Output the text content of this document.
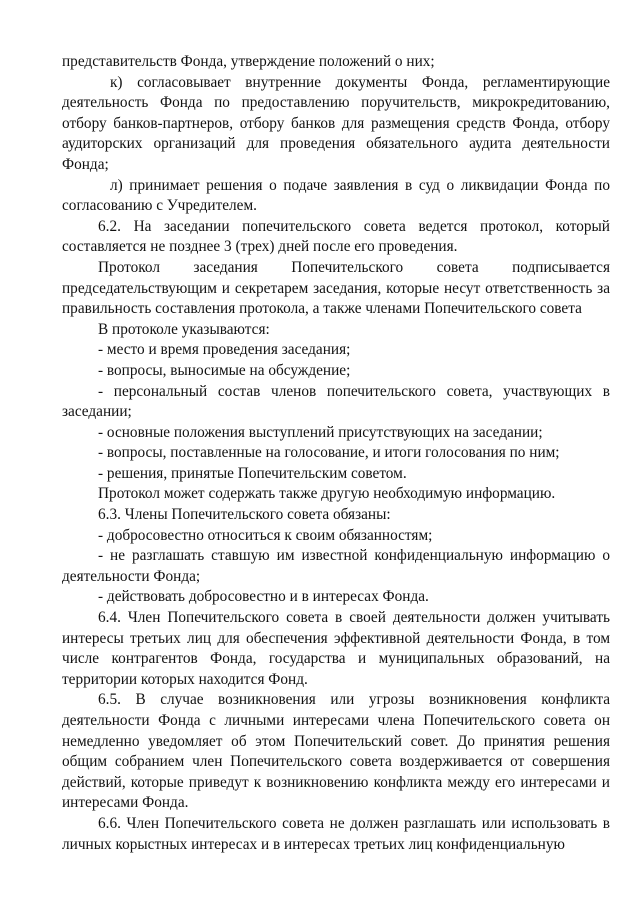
представительств Фонда, утверждение положений о них;

к) согласовывает внутренние документы Фонда, регламентирующие деятельность Фонда по предоставлению поручительств, микрокредитованию, отбору банков-партнеров, отбору банков для размещения средств Фонда, отбору аудиторских организаций для проведения обязательного аудита деятельности Фонда;

л) принимает решения о подаче заявления в суд о ликвидации Фонда по согласованию с Учредителем.

6.2. На заседании попечительского совета ведется протокол, который составляется не позднее 3 (трех) дней после его проведения.

Протокол заседания Попечительского совета подписывается председательствующим и секретарем заседания, которые несут ответственность за правильность составления протокола, а также членами Попечительского совета

В протоколе указываются:

- место и время проведения заседания;

- вопросы, выносимые на обсуждение;

- персональный состав членов попечительского совета, участвующих в заседании;

- основные положения выступлений присутствующих на заседании;

- вопросы, поставленные на голосование, и итоги голосования по ним;

- решения, принятые Попечительским советом.

Протокол может содержать также другую необходимую информацию.

6.3. Члены Попечительского совета обязаны:

- добросовестно относиться к своим обязанностям;

- не разглашать ставшую им известной конфиденциальную информацию о деятельности Фонда;

- действовать добросовестно и в интересах Фонда.

6.4. Член Попечительского совета в своей деятельности должен учитывать интересы третьих лиц для обеспечения эффективной деятельности Фонда, в том числе контрагентов Фонда, государства и муниципальных образований, на территории которых находится Фонд.

6.5. В случае возникновения или угрозы возникновения конфликта деятельности Фонда с личными интересами члена Попечительского совета он немедленно уведомляет об этом Попечительский совет. До принятия решения общим собранием член Попечительского совета воздерживается от совершения действий, которые приведут к возникновению конфликта между его интересами и интересами Фонда.

6.6. Член Попечительского совета не должен разглашать или использовать в личных корыстных интересах и в интересах третьих лиц конфиденциальную
